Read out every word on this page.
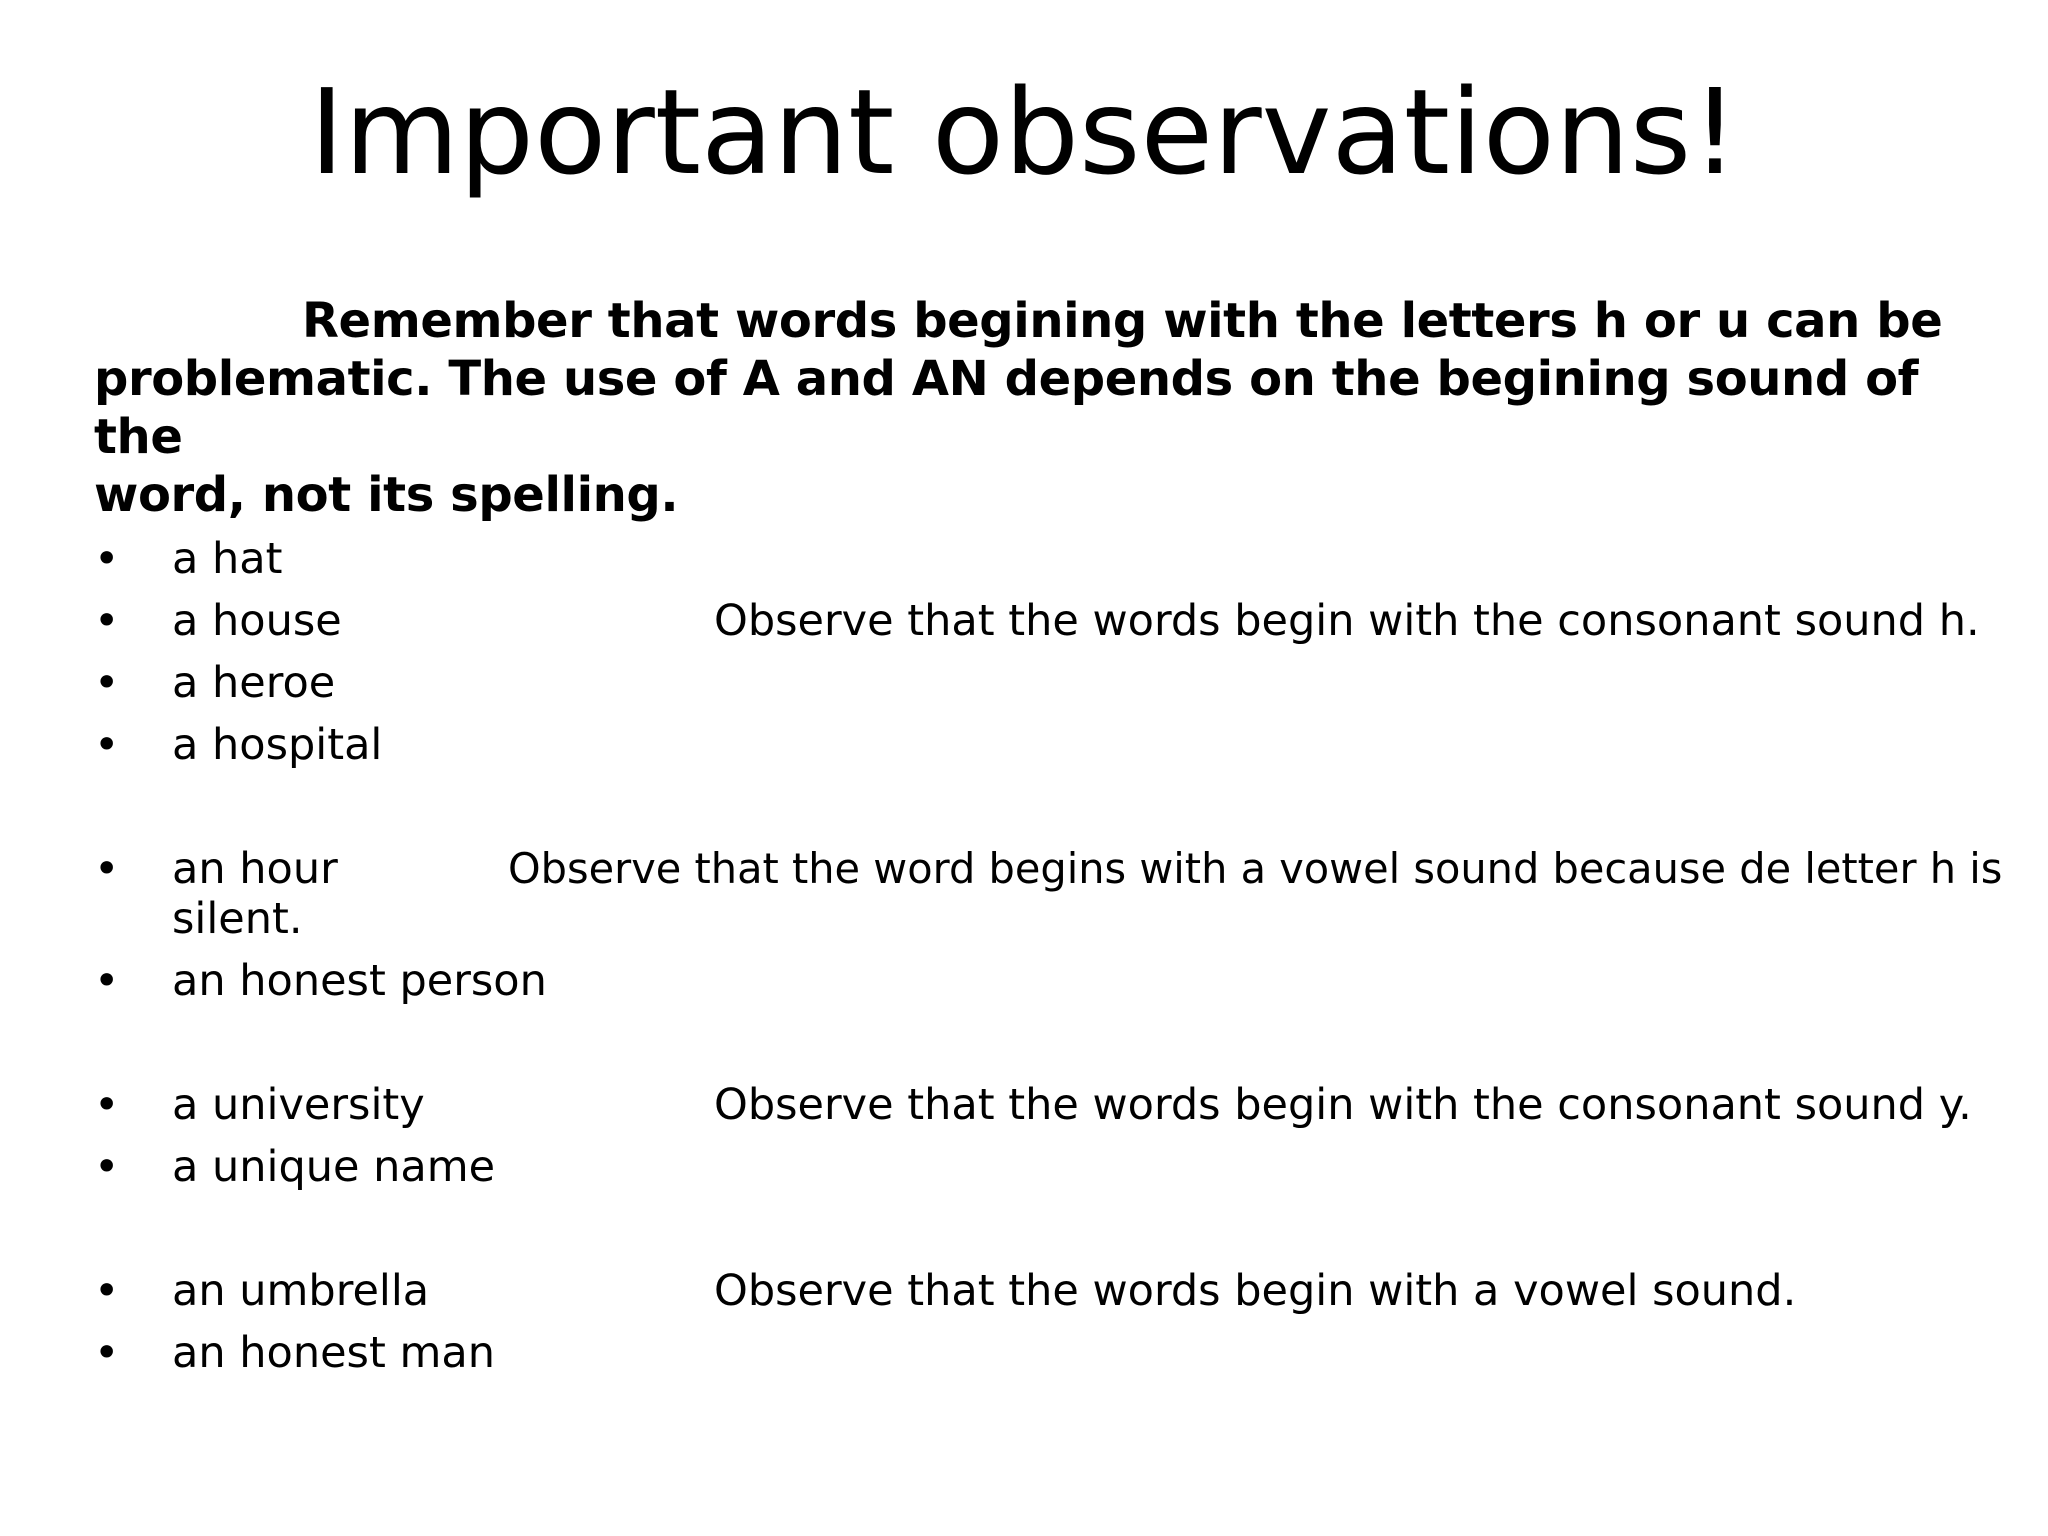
Important observations!
Remember that words begining with the letters h or u can be
problematic. The use of A and AN depends on the begining sound of the
word, not its spelling.
• a hat
• a house	Observe that the words begin with the consonant sound h.
• a heroe
• a hospital
• an hour	Observe that the word begins with a vowel sound because de letter h is
silent.
• an honest person
• a university	Observe that the words begin with the consonant sound y.
• a unique name
• an umbrella	Observe that the words begin with a vowel sound.
• an honest man
